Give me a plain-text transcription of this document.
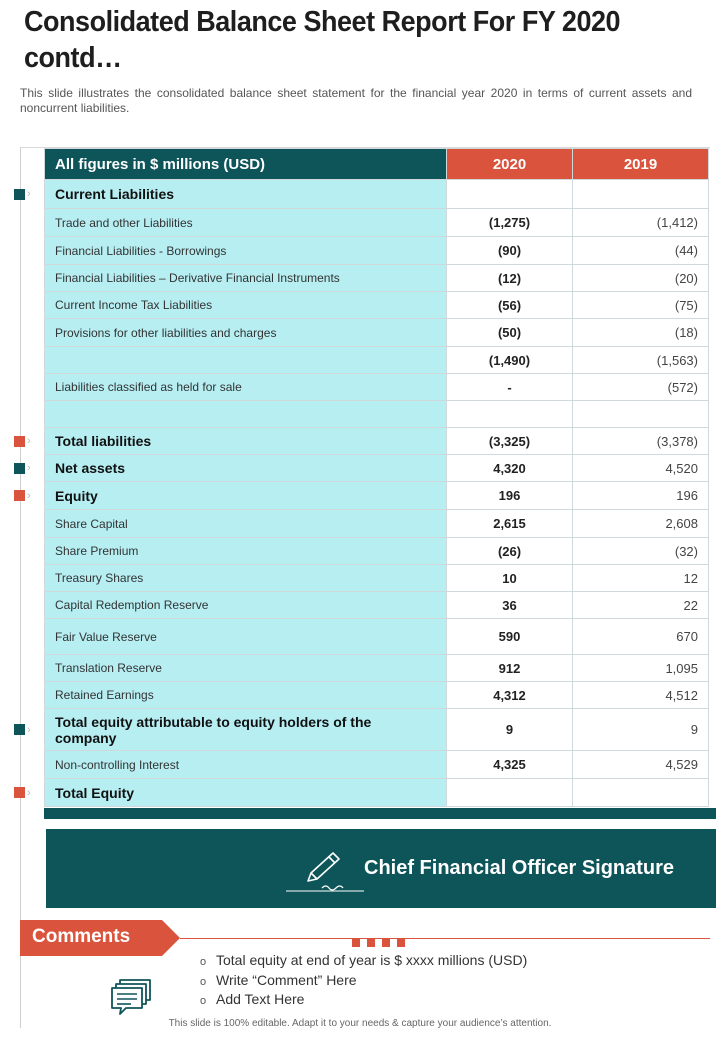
Consolidated Balance Sheet Report For FY 2020 contd…
This slide illustrates the consolidated balance sheet statement for the financial year 2020 in terms of current assets and noncurrent liabilities.
›
›
›
›
›
›
All figures in $ millions (USD)	2020	2019
Current Liabilities		
Trade and other Liabilities	(1,275)	(1,412)
Financial Liabilities - Borrowings	(90)	(44)
Financial Liabilities – Derivative Financial Instruments	(12)	(20)
Current Income Tax Liabilities	(56)	(75)
Provisions for other liabilities and charges	(50)	(18)
	(1,490)	(1,563)
Liabilities classified as held for sale	-	(572)

Total liabilities	(3,325)	(3,378)
Net assets	4,320	4,520
Equity	196	196
Share Capital	2,615	2,608
Share Premium	(26)	(32)
Treasury Shares	10	12
Capital Redemption Reserve	36	22
Fair Value Reserve	590	670
Translation Reserve	912	1,095
Retained Earnings	4,312	4,512
Total equity attributable to equity holders of the company	9	9
Non-controlling Interest	4,325	4,529
Total Equity		
Chief Financial Officer Signature
Comments
o Total equity at end of year is $ xxxx millions (USD)
o Write “Comment” Here
o Add Text Here
This slide is 100% editable. Adapt it to your needs & capture your audience’s attention.
